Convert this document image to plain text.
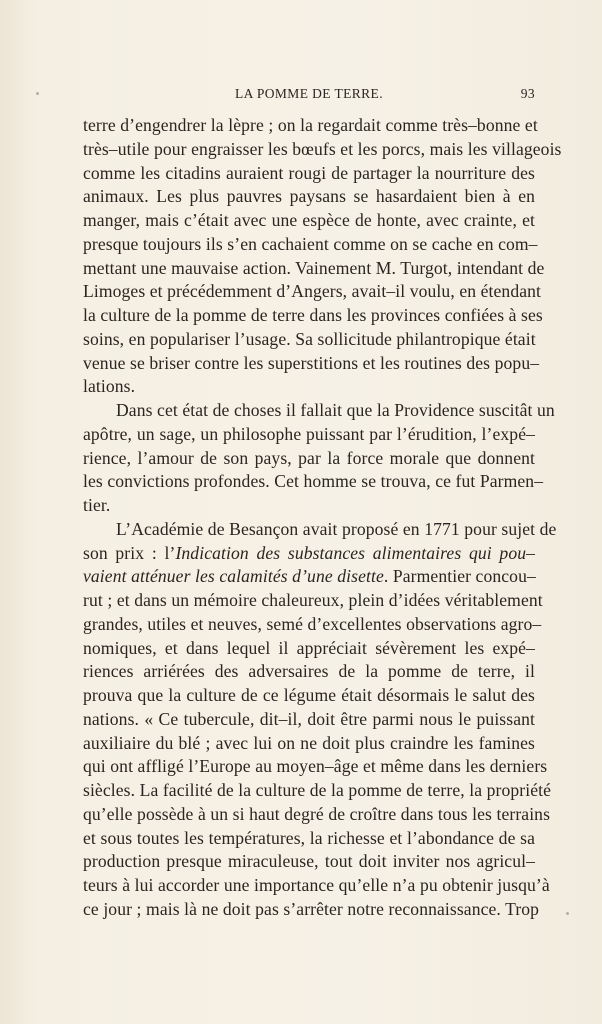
LA POMME DE TERRE.	93
terre d’engendrer la lèpre ; on la regardait comme très–bonne et
très–utile pour engraisser les bœufs et les porcs, mais les villageois
comme les citadins auraient rougi de partager la nourriture des
animaux. Les plus pauvres paysans se hasardaient bien à en
manger, mais c’était avec une espèce de honte, avec crainte, et
presque toujours ils s’en cachaient comme on se cache en com–
mettant une mauvaise action. Vainement M. Turgot, intendant de
Limoges et précédemment d’Angers, avait–il voulu, en étendant
la culture de la pomme de terre dans les provinces confiées à ses
soins, en populariser l’usage. Sa sollicitude philantropique était
venue se briser contre les superstitions et les routines des popu–
lations.
Dans cet état de choses il fallait que la Providence suscitât un
apôtre, un sage, un philosophe puissant par l’érudition, l’expé–
rience, l’amour de son pays, par la force morale que donnent
les convictions profondes. Cet homme se trouva, ce fut Parmen–
tier.
L’Académie de Besançon avait proposé en 1771 pour sujet de
son prix : l’Indication des substances alimentaires qui pou–
vaient atténuer les calamités d’une disette. Parmentier concou–
rut ; et dans un mémoire chaleureux, plein d’idées véritablement
grandes, utiles et neuves, semé d’excellentes observations agro–
nomiques, et dans lequel il appréciait sévèrement les expé–
riences arriérées des adversaires de la pomme de terre, il
prouva que la culture de ce légume était désormais le salut des
nations. « Ce tubercule, dit–il, doit être parmi nous le puissant
auxiliaire du blé ; avec lui on ne doit plus craindre les famines
qui ont affligé l’Europe au moyen–âge et même dans les derniers
siècles. La facilité de la culture de la pomme de terre, la propriété
qu’elle possède à un si haut degré de croître dans tous les terrains
et sous toutes les températures, la richesse et l’abondance de sa
production presque miraculeuse, tout doit inviter nos agricul–
teurs à lui accorder une importance qu’elle n’a pu obtenir jusqu’à
ce jour ; mais là ne doit pas s’arrêter notre reconnaissance. Trop
